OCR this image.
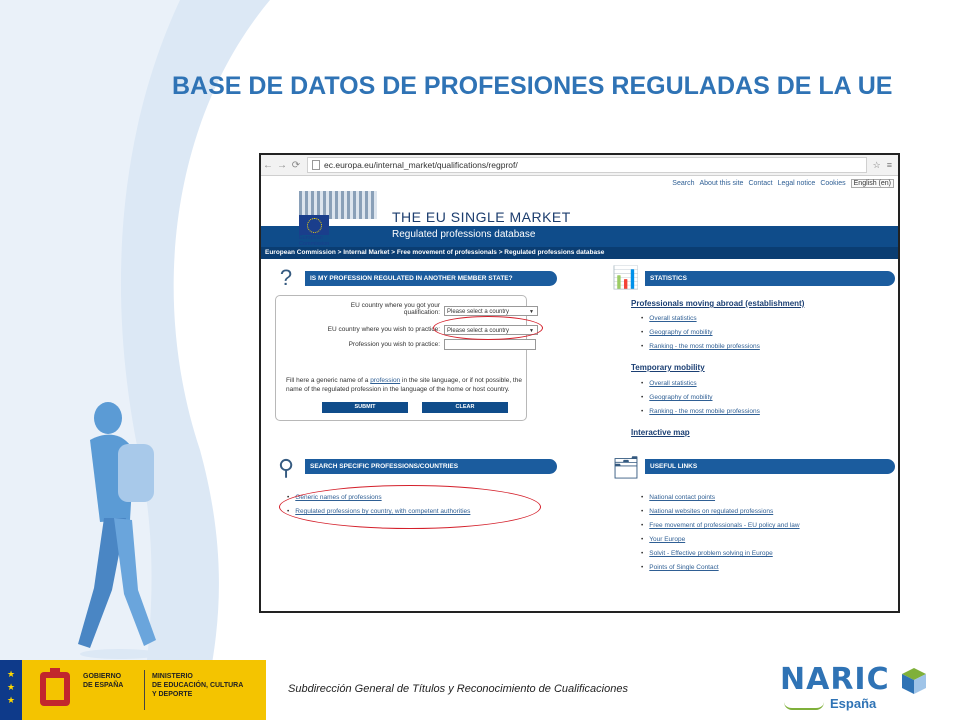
BASE DE DATOS DE PROFESIONES REGULADAS DE LA UE
← → ⟳	ec.europa.eu/internal_market/qualifications/regprof/	☆ ≡
Search About this site Contact Legal notice Cookies	English (en)
European
Commission
THE EU SINGLE MARKET
Regulated professions database
European Commission > Internal Market > Free movement of professionals > Regulated professions database
?	IS MY PROFESSION REGULATED IN ANOTHER MEMBER STATE?
EU country where you got your
qualification:	Please select a country	▼
EU country where you wish to practice:	Please select a country	▼
Profession you wish to practice:
Fill here a generic name of a profession in the site language, or if not possible, the name of the regulated profession in the language of the home or host country.
SUBMIT	CLEAR
⚲	SEARCH SPECIFIC PROFESSIONS/COUNTRIES
• Generic names of professions
• Regulated professions by country, with competent authorities
📊	STATISTICS
Professionals moving abroad (establishment)
• Overall statistics
• Geography of mobility
• Ranking - the most mobile professions
Temporary mobility
• Overall statistics
• Geography of mobility
• Ranking - the most mobile professions
Interactive map
🗂	USEFUL LINKS
• National contact points
• National websites on regulated professions
• Free movement of professionals - EU policy and law
• Your Europe
• Solvit - Effective problem solving in Europe
• Points of Single Contact
★
★
★
GOBIERNO
DE ESPAÑA
MINISTERIO
DE EDUCACIÓN, CULTURA
Y DEPORTE	Subdirección General de Títulos y Reconocimiento de Cualificaciones	NARIC
España
